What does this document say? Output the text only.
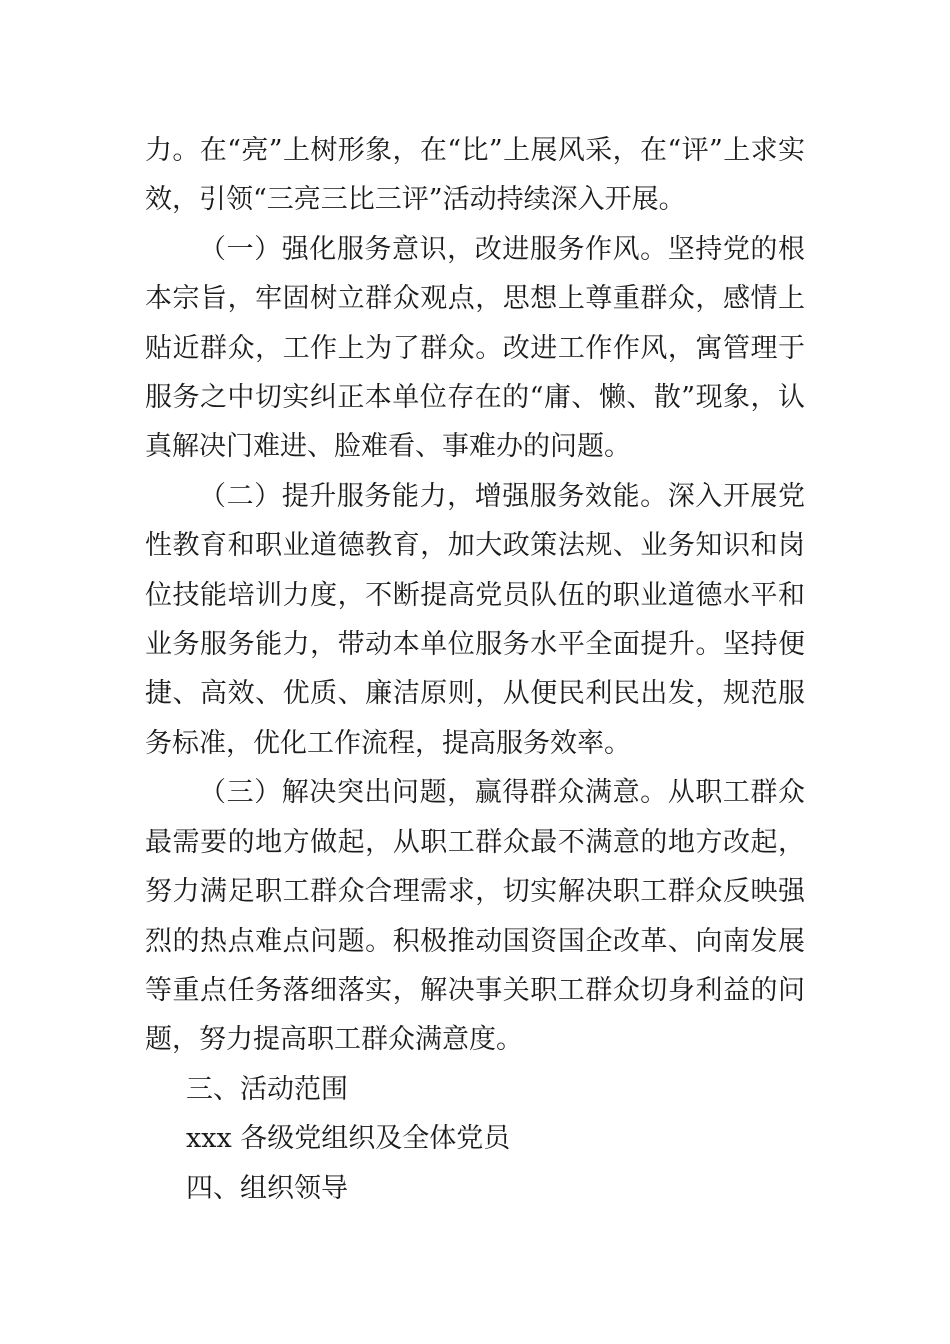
力。在“亮”上树形象，在“比”上展风采，在“评”上求实效，引领“三亮三比三评”活动持续深入开展。

（一）强化服务意识，改进服务作风。坚持党的根本宗旨，牢固树立群众观点，思想上尊重群众，感情上贴近群众，工作上为了群众。改进工作作风，寓管理于服务之中切实纠正本单位存在的“庸、懒、散”现象，认真解决门难进、脸难看、事难办的问题。

（二）提升服务能力，增强服务效能。深入开展党性教育和职业道德教育，加大政策法规、业务知识和岗位技能培训力度，不断提高党员队伍的职业道德水平和业务服务能力，带动本单位服务水平全面提升。坚持便捷、高效、优质、廉洁原则，从便民利民出发，规范服务标准，优化工作流程，提高服务效率。

（三）解决突出问题，赢得群众满意。从职工群众最需要的地方做起，从职工群众最不满意的地方改起，努力满足职工群众合理需求，切实解决职工群众反映强烈的热点难点问题。积极推动国资国企改革、向南发展等重点任务落细落实，解决事关职工群众切身利益的问题，努力提高职工群众满意度。

三、活动范围

xxx 各级党组织及全体党员

四、组织领导
